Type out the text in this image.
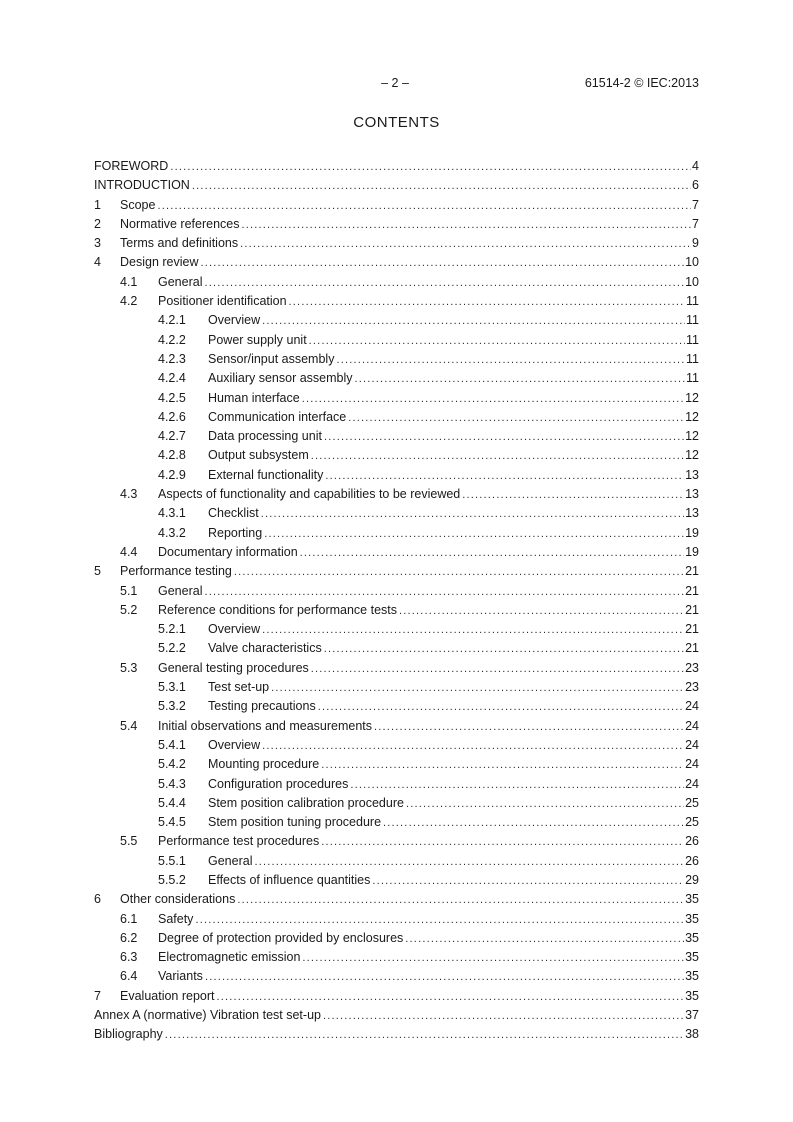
– 2 –	61514-2 © IEC:2013
CONTENTS
FOREWORD .....	4
INTRODUCTION .....	6
1	Scope .....	7
2	Normative references .....	7
3	Terms and definitions .....	9
4	Design review .....	10
4.1	General .....	10
4.2	Positioner identification .....	11
4.2.1	Overview .....	11
4.2.2	Power supply unit .....	11
4.2.3	Sensor/input assembly .....	11
4.2.4	Auxiliary sensor assembly .....	11
4.2.5	Human interface .....	12
4.2.6	Communication interface .....	12
4.2.7	Data processing unit .....	12
4.2.8	Output subsystem .....	12
4.2.9	External functionality .....	13
4.3	Aspects of functionality and capabilities to be reviewed .....	13
4.3.1	Checklist .....	13
4.3.2	Reporting .....	19
4.4	Documentary information .....	19
5	Performance testing .....	21
5.1	General .....	21
5.2	Reference conditions for performance tests .....	21
5.2.1	Overview .....	21
5.2.2	Valve characteristics .....	21
5.3	General testing procedures .....	23
5.3.1	Test set-up .....	23
5.3.2	Testing precautions .....	24
5.4	Initial observations and measurements .....	24
5.4.1	Overview .....	24
5.4.2	Mounting procedure .....	24
5.4.3	Configuration procedures .....	24
5.4.4	Stem position calibration procedure .....	25
5.4.5	Stem position tuning procedure .....	25
5.5	Performance test procedures .....	26
5.5.1	General .....	26
5.5.2	Effects of influence quantities .....	29
6	Other considerations .....	35
6.1	Safety .....	35
6.2	Degree of protection provided by enclosures .....	35
6.3	Electromagnetic emission .....	35
6.4	Variants .....	35
7	Evaluation report .....	35
Annex A (normative) Vibration test set-up .....	37
Bibliography .....	38
